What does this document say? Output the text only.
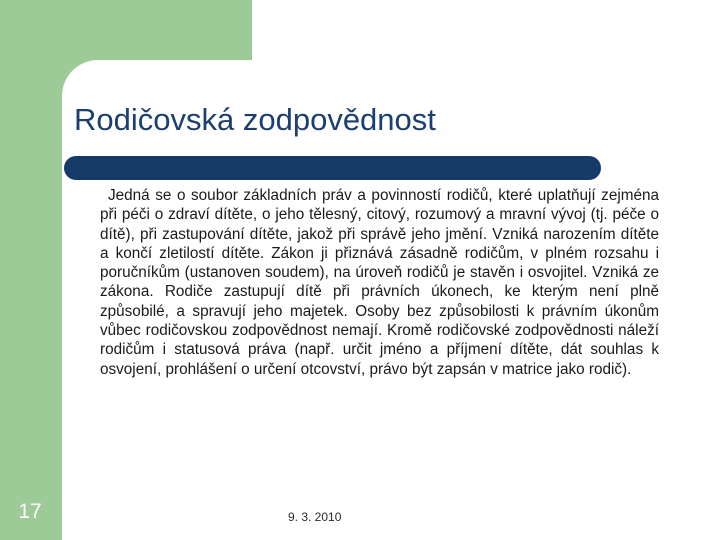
Rodičovská zodpovědnost

Jedná se o soubor základních práv a povinností rodičů, které uplatňují zejména při péči o zdraví dítěte, o jeho tělesný, citový, rozumový a mravní vývoj (tj. péče o dítě), při zastupování dítěte, jakož při správě jeho jmění. Vzniká narozením dítěte a končí zletilostí dítěte. Zákon ji přiznává zásadně rodičům, v plném rozsahu i poručníkům (ustanoven soudem), na úroveň rodičů je stavěn i osvojitel. Vzniká ze zákona. Rodiče zastupují dítě při právních úkonech, ke kterým není plně způsobilé, a spravují jeho majetek. Osoby bez způsobilosti k právním úkonům vůbec rodičovskou zodpovědnost nemají. Kromě rodičovské zodpovědnosti náleží rodičům i statusová práva (např. určit jméno a příjmení dítěte, dát souhlas k osvojení, prohlášení o určení otcovství, právo být zapsán v matrice jako rodič).

17	9. 3. 2010
